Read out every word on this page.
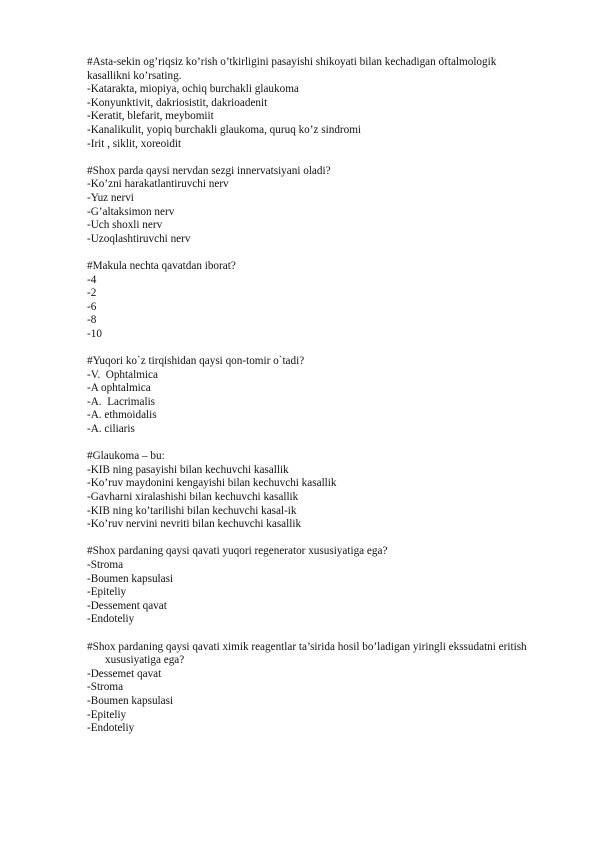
#Asta-sekin og’riqsiz ko’rish o’tkirligini pasayishi shikoyati bilan kechadigan oftalmologik kasallikni ko’rsating.

-Katarakta, miopiya, ochiq burchakli glaukoma
-Konyunktivit, dakriosistit, dakrioadenit
-Keratit, blefarit, meybomiit
-Kanalikulit, yopiq burchakli glaukoma, quruq ko’z sindromi
-Irit , siklit, xoreoidit

#Shox parda qaysi nervdan sezgi innervatsiyani oladi?

-Ko’zni harakatlantiruvchi nerv
-Yuz nervi
-G’altaksimon nerv
-Uch shoxli nerv
-Uzoqlashtiruvchi nerv

#Makula nechta qavatdan iborat?

-4
-2
-6
-8
-10

#Yuqori ko`z tirqishidan qaysi qon-tomir o`tadi?

-V.  Ophtalmica
-A ophtalmica
-A.  Lacrimalis
-A. ethmoidalis
-A. ciliaris

#Glaukoma – bu:

-KIB ning pasayishi bilan kechuvchi kasallik
-Ko’ruv maydonini kengayishi bilan kechuvchi kasallik
-Gavharni xiralashishi bilan kechuvchi kasallik
-KIB ning ko’tarilishi bilan kechuvchi kasal-ik
-Ko’ruv nervini nevriti bilan kechuvchi kasallik

#Shox pardaning qaysi qavati yuqori regenerator xususiyatiga ega?

-Stroma
-Boumen kapsulasi
-Epiteliy
-Dessement qavat
-Endoteliy

#Shox pardaning qaysi qavati ximik reagentlar ta’sirida hosil bo’ladigan yiringli ekssudatni eritish xususiyatiga ega?

-Dessemet qavat
-Stroma
-Boumen kapsulasi
-Epiteliy
-Endoteliy
